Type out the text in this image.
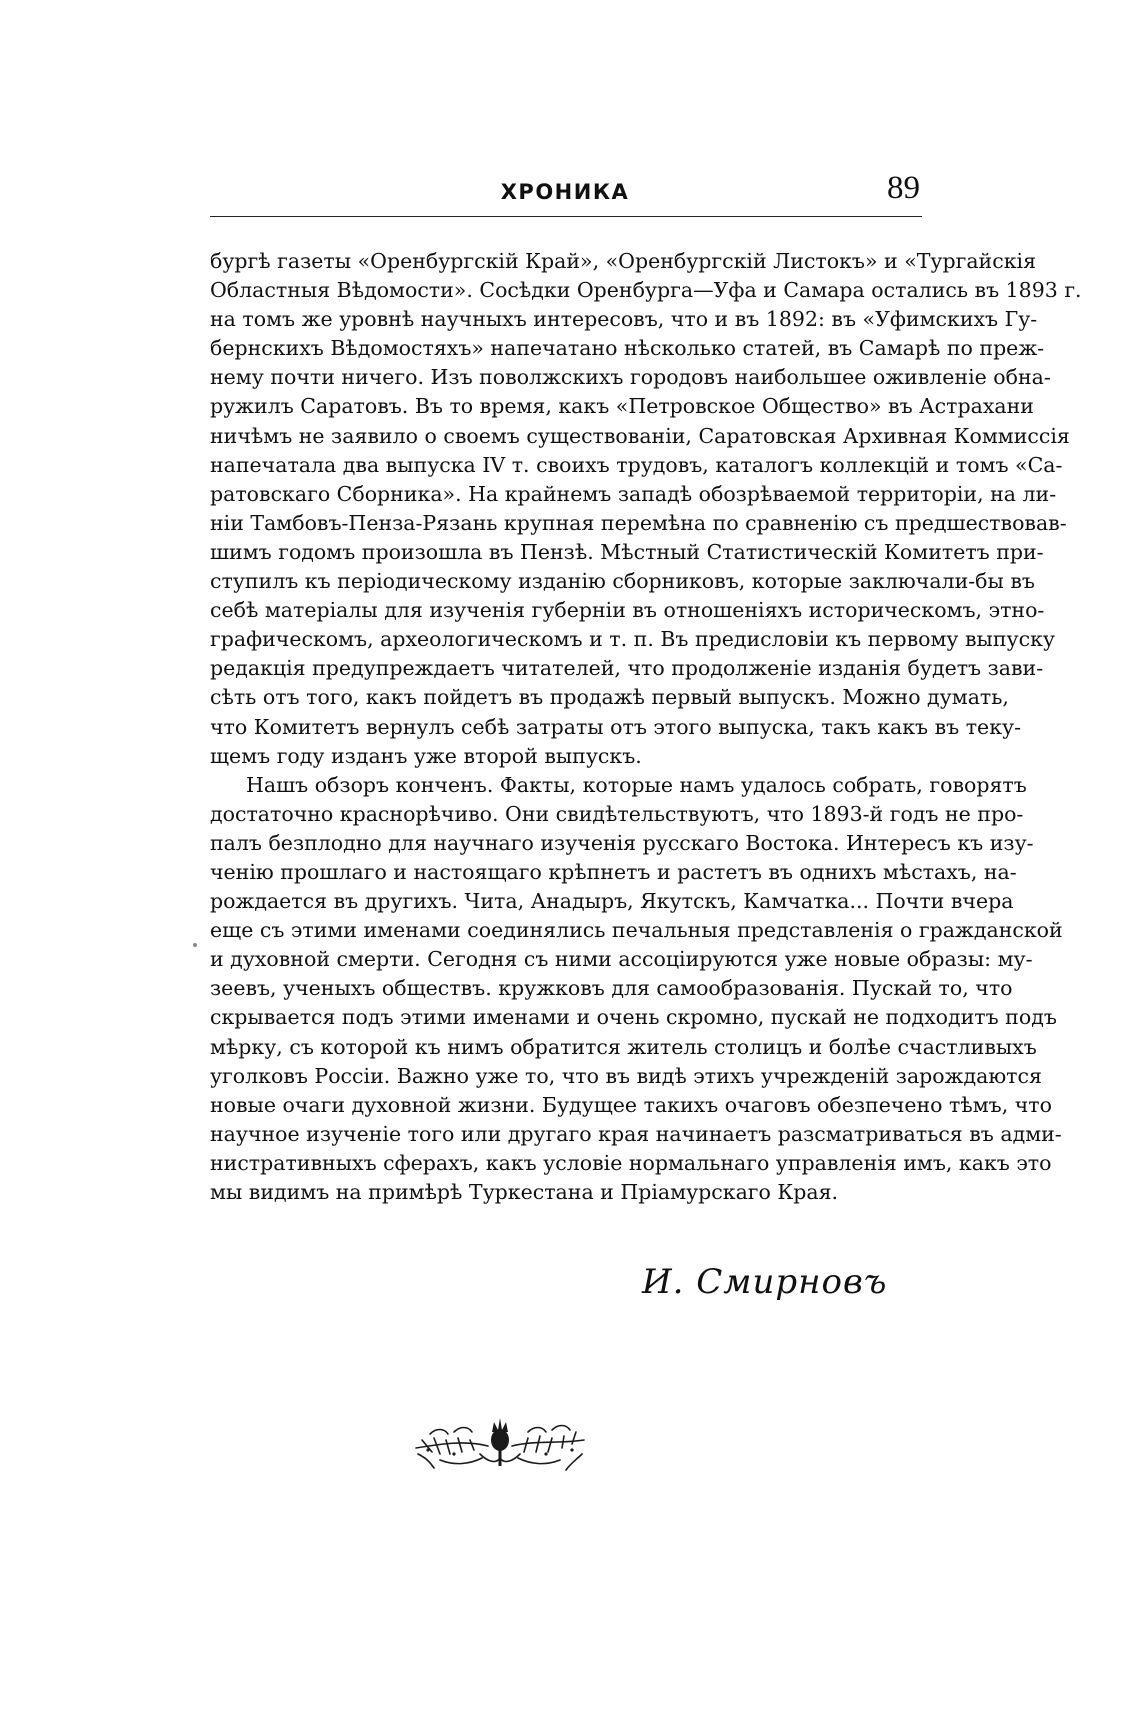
ХРОНИКА	89
бургѣ газеты «Оренбургскій Край», «Оренбургскій Листокъ» и «Тургайскія
Областныя Вѣдомости». Сосѣдки Оренбурга—Уфа и Самара остались въ 1893 г.
на томъ же уровнѣ научныхъ интересовъ, что и въ 1892: въ «Уфимскихъ Гу-
бернскихъ Вѣдомостяхъ» напечатано нѣсколько статей, въ Самарѣ по преж-
нему почти ничего. Изъ поволжскихъ городовъ наибольшее оживленіе обна-
ружилъ Саратовъ. Въ то время, какъ «Петровское Общество» въ Астрахани
ничѣмъ не заявило о своемъ существованіи, Саратовская Архивная Коммиссія
напечатала два выпуска IV т. своихъ трудовъ, каталогъ коллекцій и томъ «Са-
ратовскаго Сборника». На крайнемъ западѣ обозрѣваемой территоріи, на ли-
ніи Тамбовъ-Пенза-Рязань крупная перемѣна по сравненію съ предшествовав-
шимъ годомъ произошла въ Пензѣ. Мѣстный Статистическій Комитетъ при-
ступилъ къ періодическому изданію сборниковъ, которые заключали-бы въ
себѣ матеріалы для изученія губерніи въ отношеніяхъ историческомъ, этно-
графическомъ, археологическомъ и т. п. Въ предисловіи къ первому выпуску
редакція предупреждаетъ читателей, что продолженіе изданія будетъ зави-
сѣть отъ того, какъ пойдетъ въ продажѣ первый выпускъ. Можно думать,
что Комитетъ вернулъ себѣ затраты отъ этого выпуска, такъ какъ въ теку-
щемъ году изданъ уже второй выпускъ.
Нашъ обзоръ конченъ. Факты, которые намъ удалось собрать, говорятъ
достаточно краснорѣчиво. Они свидѣтельствуютъ, что 1893-й годъ не про-
палъ безплодно для научнаго изученія русскаго Востока. Интересъ къ изу-
ченію прошлаго и настоящаго крѣпнетъ и растетъ въ однихъ мѣстахъ, на-
рождается въ другихъ. Чита, Анадыръ, Якутскъ, Камчатка... Почти вчера
еще съ этими именами соединялись печальныя представленія о гражданской
и духовной смерти. Сегодня съ ними ассоціируются уже новые образы: му-
зеевъ, ученыхъ обществъ. кружковъ для самообразованія. Пускай то, что
скрывается подъ этими именами и очень скромно, пускай не подходитъ подъ
мѣрку, съ которой къ нимъ обратится житель столицъ и болѣе счастливыхъ
уголковъ Россіи. Важно уже то, что въ видѣ этихъ учрежденій зарождаются
новые очаги духовной жизни. Будущее такихъ очаговъ обезпечено тѣмъ, что
научное изученіе того или другаго края начинаетъ разсматриваться въ адми-
нистративныхъ сферахъ, какъ условіе нормальнаго управленія имъ, какъ это
мы видимъ на примѣрѣ Туркестана и Пріамурскаго Края.
И. Смирновъ
